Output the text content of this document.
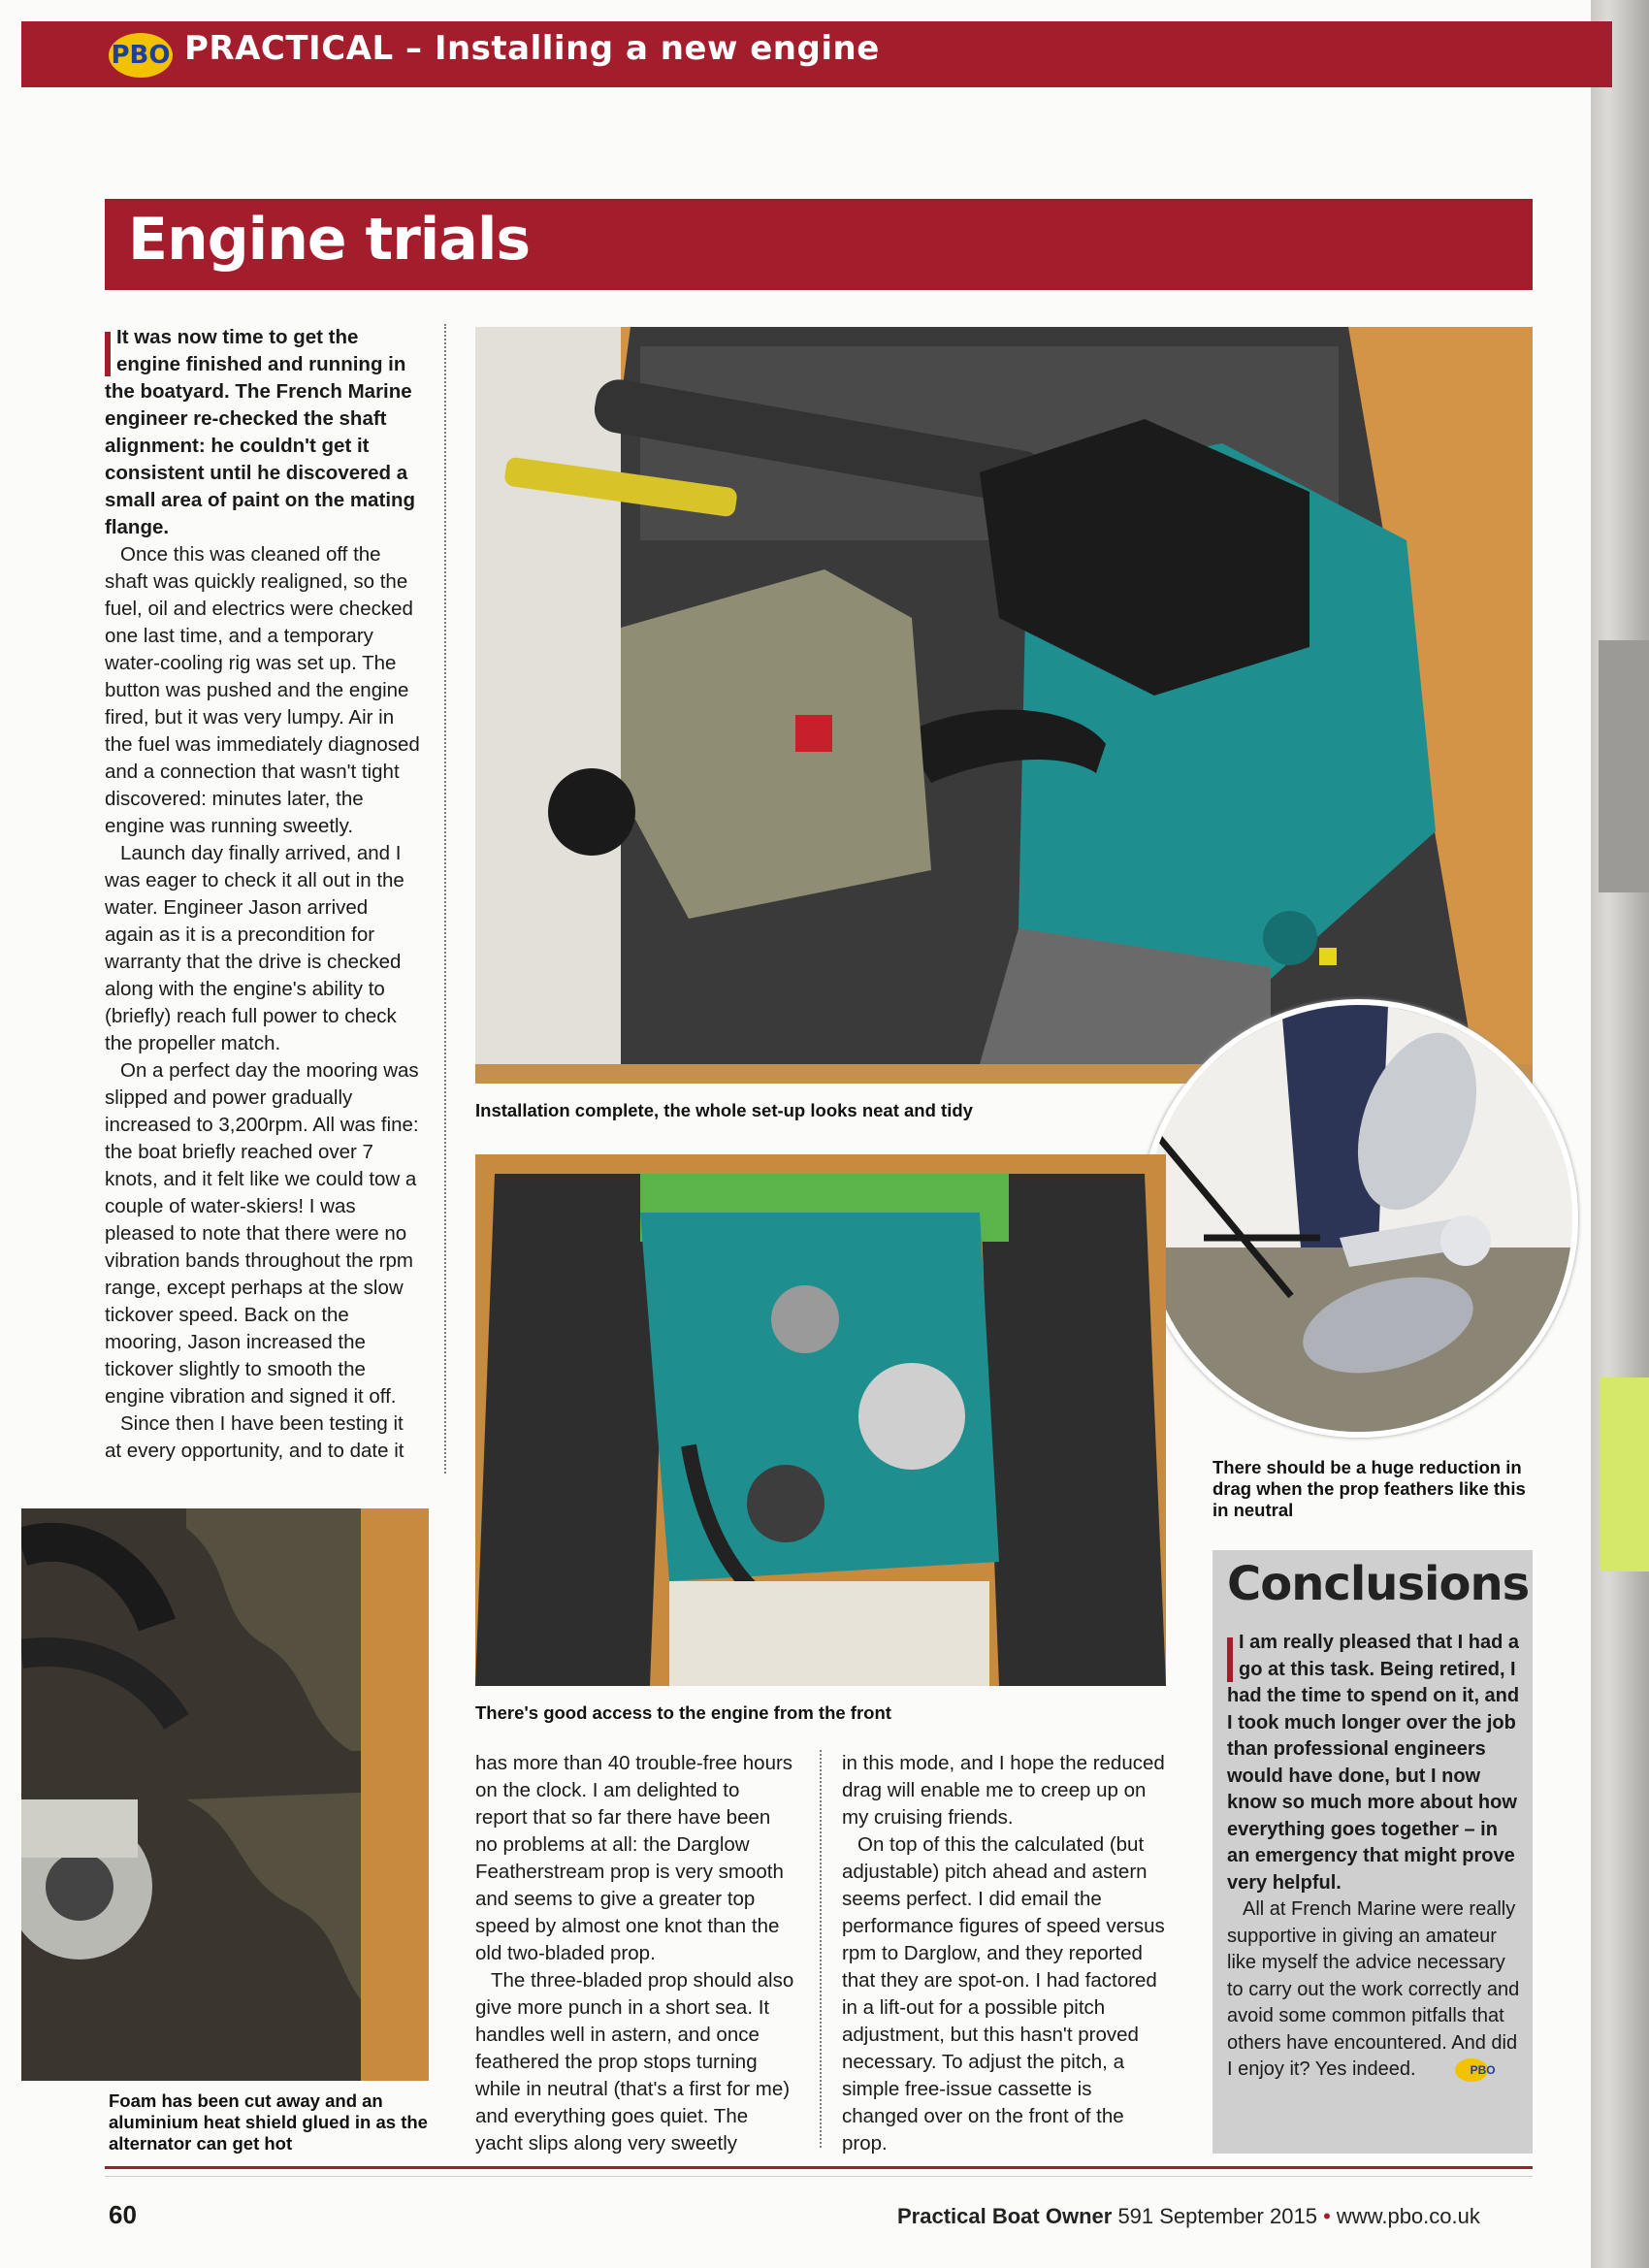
PBO PRACTICAL – Installing a new engine
Engine trials

It was now time to get the engine finished and running in the boatyard. The French Marine engineer re-checked the shaft alignment: he couldn't get it consistent until he discovered a small area of paint on the mating flange.

Once this was cleaned off the shaft was quickly realigned, so the fuel, oil and electrics were checked one last time, and a temporary water-cooling rig was set up. The button was pushed and the engine fired, but it was very lumpy. Air in the fuel was immediately diagnosed and a connection that wasn't tight discovered: minutes later, the engine was running sweetly.

Launch day finally arrived, and I was eager to check it all out in the water. Engineer Jason arrived again as it is a precondition for warranty that the drive is checked along with the engine's ability to (briefly) reach full power to check the propeller match.

On a perfect day the mooring was slipped and power gradually increased to 3,200rpm. All was fine: the boat briefly reached over 7 knots, and it felt like we could tow a couple of water-skiers! I was pleased to note that there were no vibration bands throughout the rpm range, except perhaps at the slow tickover speed. Back on the mooring, Jason increased the tickover slightly to smooth the engine vibration and signed it off.

Since then I have been testing it at every opportunity, and to date it

Installation complete, the whole set-up looks neat and tidy
There should be a huge reduction in drag when the prop feathers like this in neutral
There's good access to the engine from the front
Foam has been cut away and an aluminium heat shield glued in as the alternator can get hot

has more than 40 trouble-free hours on the clock. I am delighted to report that so far there have been no problems at all: the Darglow Featherstream prop is very smooth and seems to give a greater top speed by almost one knot than the old two-bladed prop.

The three-bladed prop should also give more punch in a short sea. It handles well in astern, and once feathered the prop stops turning while in neutral (that's a first for me) and everything goes quiet. The yacht slips along very sweetly

in this mode, and I hope the reduced drag will enable me to creep up on my cruising friends.

On top of this the calculated (but adjustable) pitch ahead and astern seems perfect. I did email the performance figures of speed versus rpm to Darglow, and they reported that they are spot-on. I had factored in a lift-out for a possible pitch adjustment, but this hasn't proved necessary. To adjust the pitch, a simple free-issue cassette is changed over on the front of the prop.

Conclusions

I am really pleased that I had a go at this task. Being retired, I had the time to spend on it, and I took much longer over the job than professional engineers would have done, but I now know so much more about how everything goes together – in an emergency that might prove very helpful.

All at French Marine were really supportive in giving an amateur like myself the advice necessary to carry out the work correctly and avoid some common pitfalls that others have encountered. And did I enjoy it? Yes indeed.	PBO

60	Practical Boat Owner 591 September 2015 • www.pbo.co.uk
